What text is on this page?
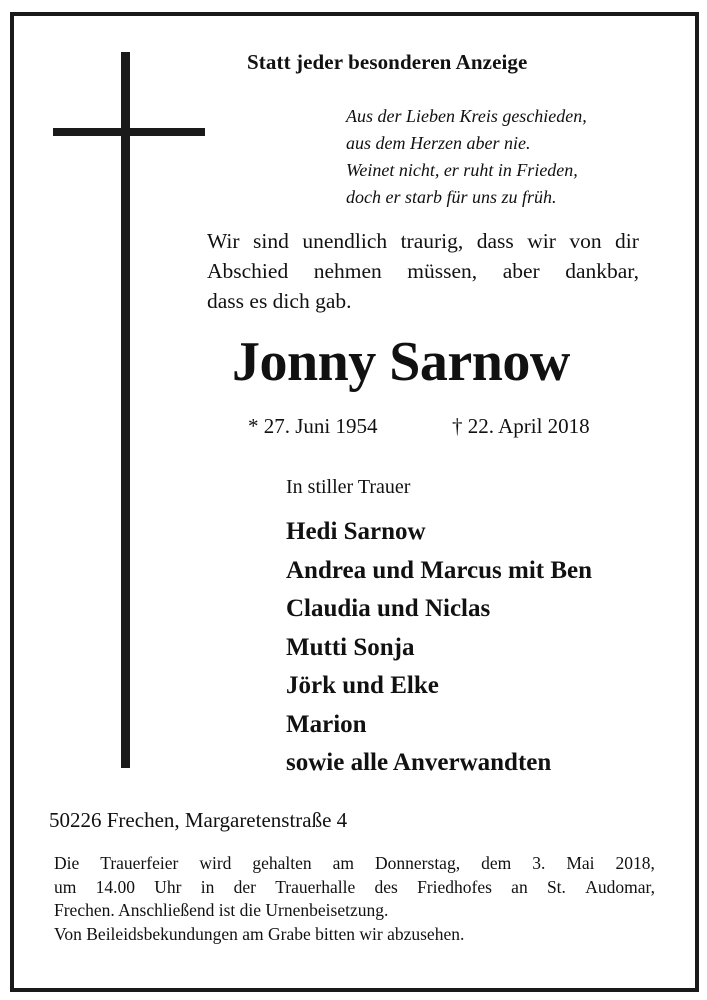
Statt jeder besonderen Anzeige
Aus der Lieben Kreis geschieden,
aus dem Herzen aber nie.
Weinet nicht, er ruht in Frieden,
doch er starb für uns zu früh.
Wir sind unendlich traurig, dass wir von dir
Abschied nehmen müssen, aber dankbar,
dass es dich gab.
Jonny Sarnow
* 27. Juni 1954	† 22. April 2018
In stiller Trauer
Hedi Sarnow
Andrea und Marcus mit Ben
Claudia und Niclas
Mutti Sonja
Jörk und Elke
Marion
sowie alle Anverwandten
50226 Frechen, Margaretenstraße 4
Die Trauerfeier wird gehalten am Donnerstag, dem 3. Mai 2018,
um 14.00 Uhr in der Trauerhalle des Friedhofes an St. Audomar,
Frechen. Anschließend ist die Urnenbeisetzung.
Von Beileidsbekundungen am Grabe bitten wir abzusehen.
